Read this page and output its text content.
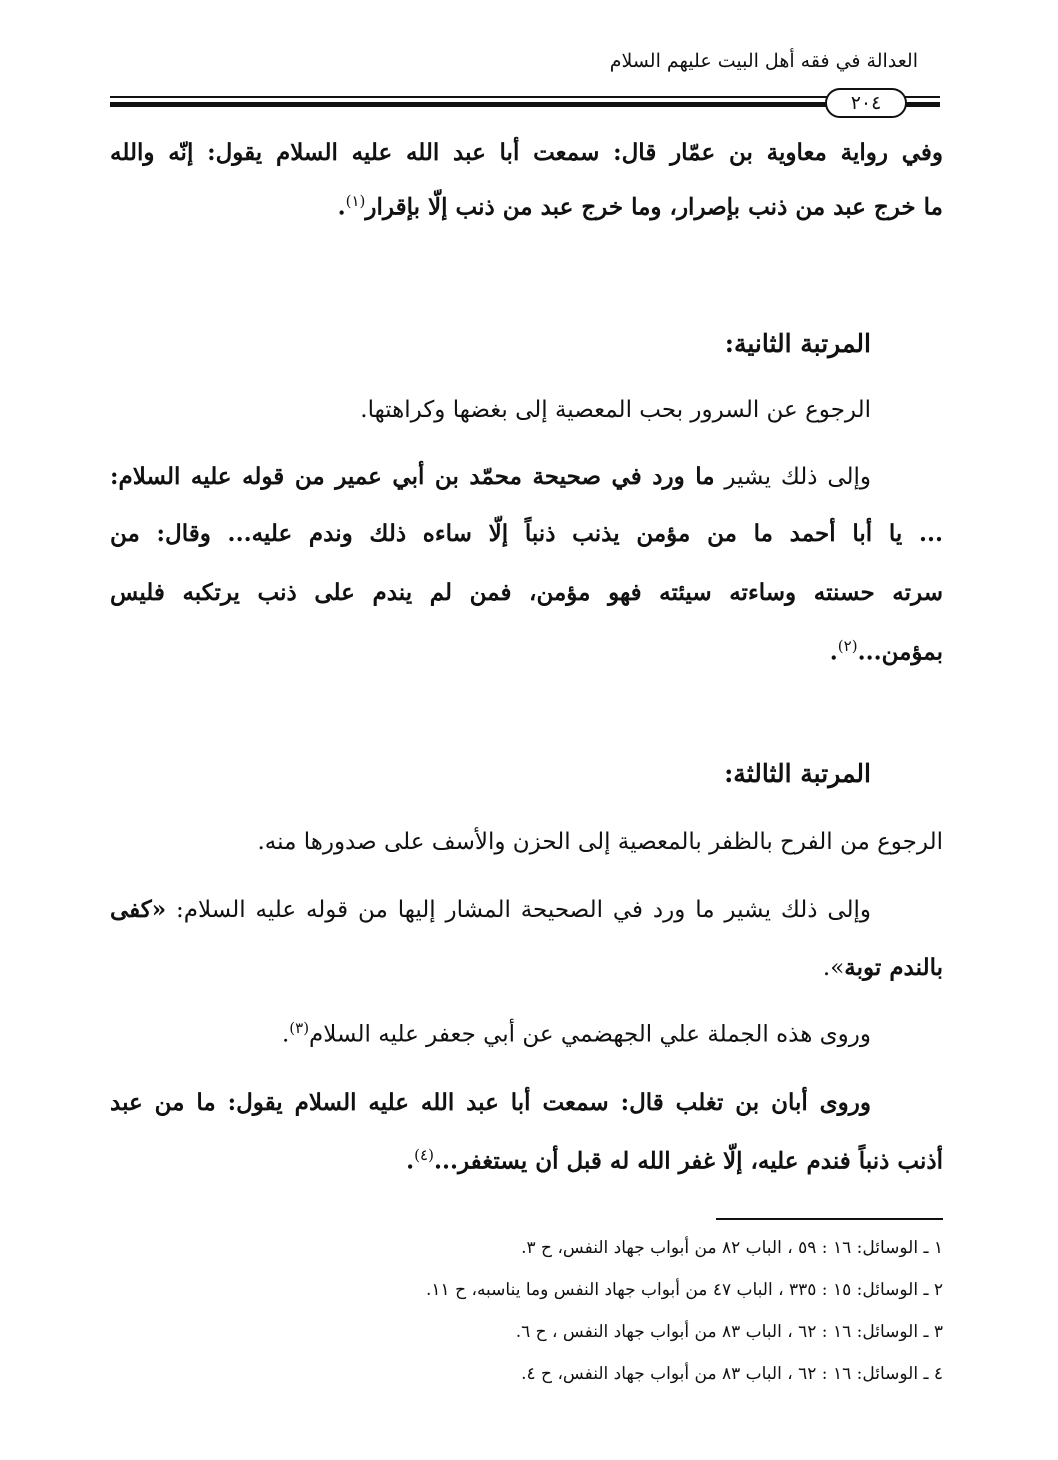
العدالة في فقه أهل البيت عليهم السلام
٢٠٤
وفي رواية معاوية بن عمّار قال: سمعت أبا عبد الله عليه السلام يقول: إنّه والله
ما خرج عبد من ذنب بإصرار، وما خرج عبد من ذنب إلّا بإقرار$^{(١)}$.
المرتبة الثانية:
الرجوع عن السرور بحب المعصية إلى بغضها وكراهتها.
وإلى ذلك يشير ما ورد في صحيحة محمّد بن أبي عمير من قوله عليه السلام:
... يا أبا أحمد ما من مؤمن يذنب ذنباً إلّا ساءه ذلك وندم عليه... وقال: من
سرته حسنته وساءته سيئته فهو مؤمن، فمن لم يندم على ذنب يرتكبه فليس
بمؤمن...$^{(٢)}$.
المرتبة الثالثة:
الرجوع من الفرح بالظفر بالمعصية إلى الحزن والأسف على صدورها منه.
وإلى ذلك يشير ما ورد في الصحيحة المشار إليها من قوله عليه السلام: «كفى
بالندم توبة».
وروى هذه الجملة علي الجهضمي عن أبي جعفر عليه السلام$^{(٣)}$.
وروى أبان بن تغلب قال: سمعت أبا عبد الله عليه السلام يقول: ما من عبد
أذنب ذنباً فندم عليه، إلّا غفر الله له قبل أن يستغفر...$^{(٤)}$.
١ ـ الوسائل: ١٦ : ٥٩ ، الباب ٨٢ من أبواب جهاد النفس، ح ٣.
٢ ـ الوسائل: ١٥ : ٣٣٥ ، الباب ٤٧ من أبواب جهاد النفس وما يناسبه، ح ١١.
٣ ـ الوسائل: ١٦ : ٦٢ ، الباب ٨٣ من أبواب جهاد النفس ، ح ٦.
٤ ـ الوسائل: ١٦ : ٦٢ ، الباب ٨٣ من أبواب جهاد النفس، ح ٤.
